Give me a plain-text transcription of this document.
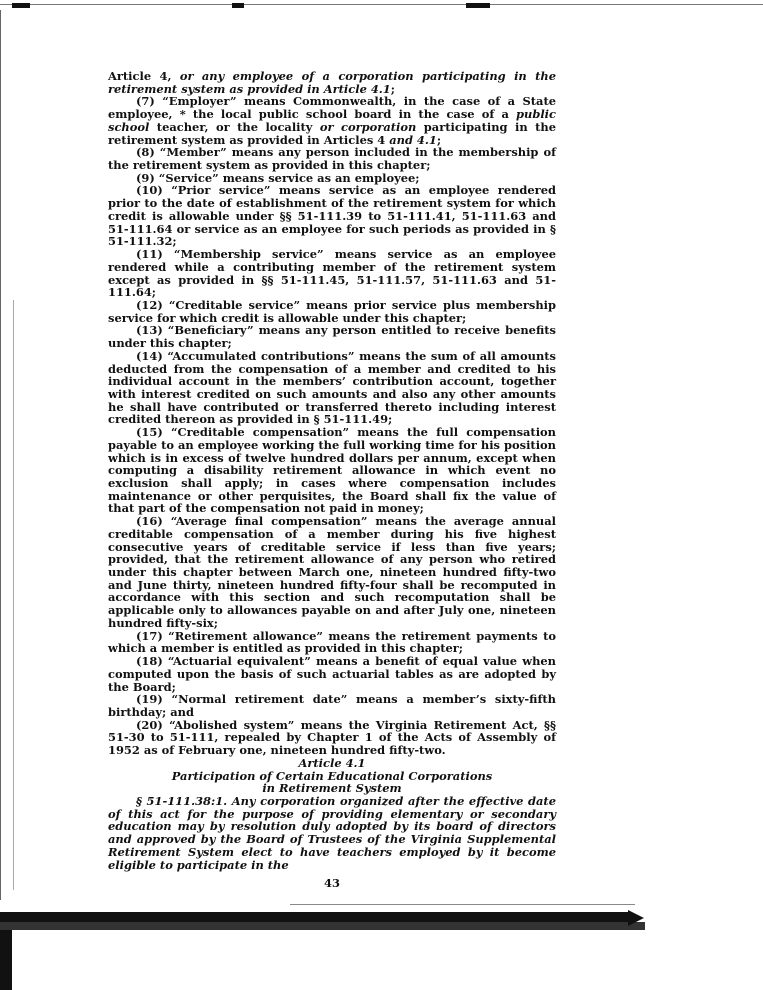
Article 4, or any employee of a corporation participating in the retirement system as provided in Article 4.1;

(7) “Employer” means Commonwealth, in the case of a State employee, * the local public school board in the case of a public school teacher, or the locality or corporation participating in the retirement system as provided in Articles 4 and 4.1;

(8) “Member” means any person included in the membership of the retirement system as provided in this chapter;

(9) “Service” means service as an employee;

(10) “Prior service” means service as an employee rendered prior to the date of establishment of the retirement system for which credit is allowable under §§ 51-111.39 to 51-111.41, 51-111.63 and 51-111.64 or service as an employee for such periods as provided in § 51-111.32;

(11) “Membership service” means service as an employee rendered while a contributing member of the retirement system except as provided in §§ 51-111.45, 51-111.57, 51-111.63 and 51-111.64;

(12) “Creditable service” means prior service plus membership service for which credit is allowable under this chapter;

(13) “Beneficiary” means any person entitled to receive benefits under this chapter;

(14) “Accumulated contributions” means the sum of all amounts deducted from the compensation of a member and credited to his individual account in the members’ contribution account, together with interest credited on such amounts and also any other amounts he shall have contributed or transferred thereto including interest credited thereon as provided in § 51-111.49;

(15) “Creditable compensation” means the full compensation payable to an employee working the full working time for his position which is in excess of twelve hundred dollars per annum, except when computing a disability retirement allowance in which event no exclusion shall apply; in cases where compensation includes maintenance or other perquisites, the Board shall fix the value of that part of the compensation not paid in money;

(16) “Average final compensation” means the average annual creditable compensation of a member during his five highest consecutive years of creditable service if less than five years; provided, that the retirement allowance of any person who retired under this chapter between March one, nineteen hundred fifty-two and June thirty, nineteen hundred fifty-four shall be recomputed in accordance with this section and such recomputation shall be applicable only to allowances payable on and after July one, nineteen hundred fifty-six;

(17) “Retirement allowance” means the retirement payments to which a member is entitled as provided in this chapter;

(18) “Actuarial equivalent” means a benefit of equal value when computed upon the basis of such actuarial tables as are adopted by the Board;

(19) “Normal retirement date” means a member’s sixty-fifth birthday; and

(20) “Abolished system” means the Virginia Retirement Act, §§ 51-30 to 51-111, repealed by Chapter 1 of the Acts of Assembly of 1952 as of February one, nineteen hundred fifty-two.

Article 4.1

Participation of Certain Educational Corporations
in Retirement System

§ 51-111.38:1. Any corporation organized after the effective date of this act for the purpose of providing elementary or secondary education may by resolution duly adopted by its board of directors and approved by the Board of Trustees of the Virginia Supplemental Retirement System elect to have teachers employed by it become eligible to participate in the

43
